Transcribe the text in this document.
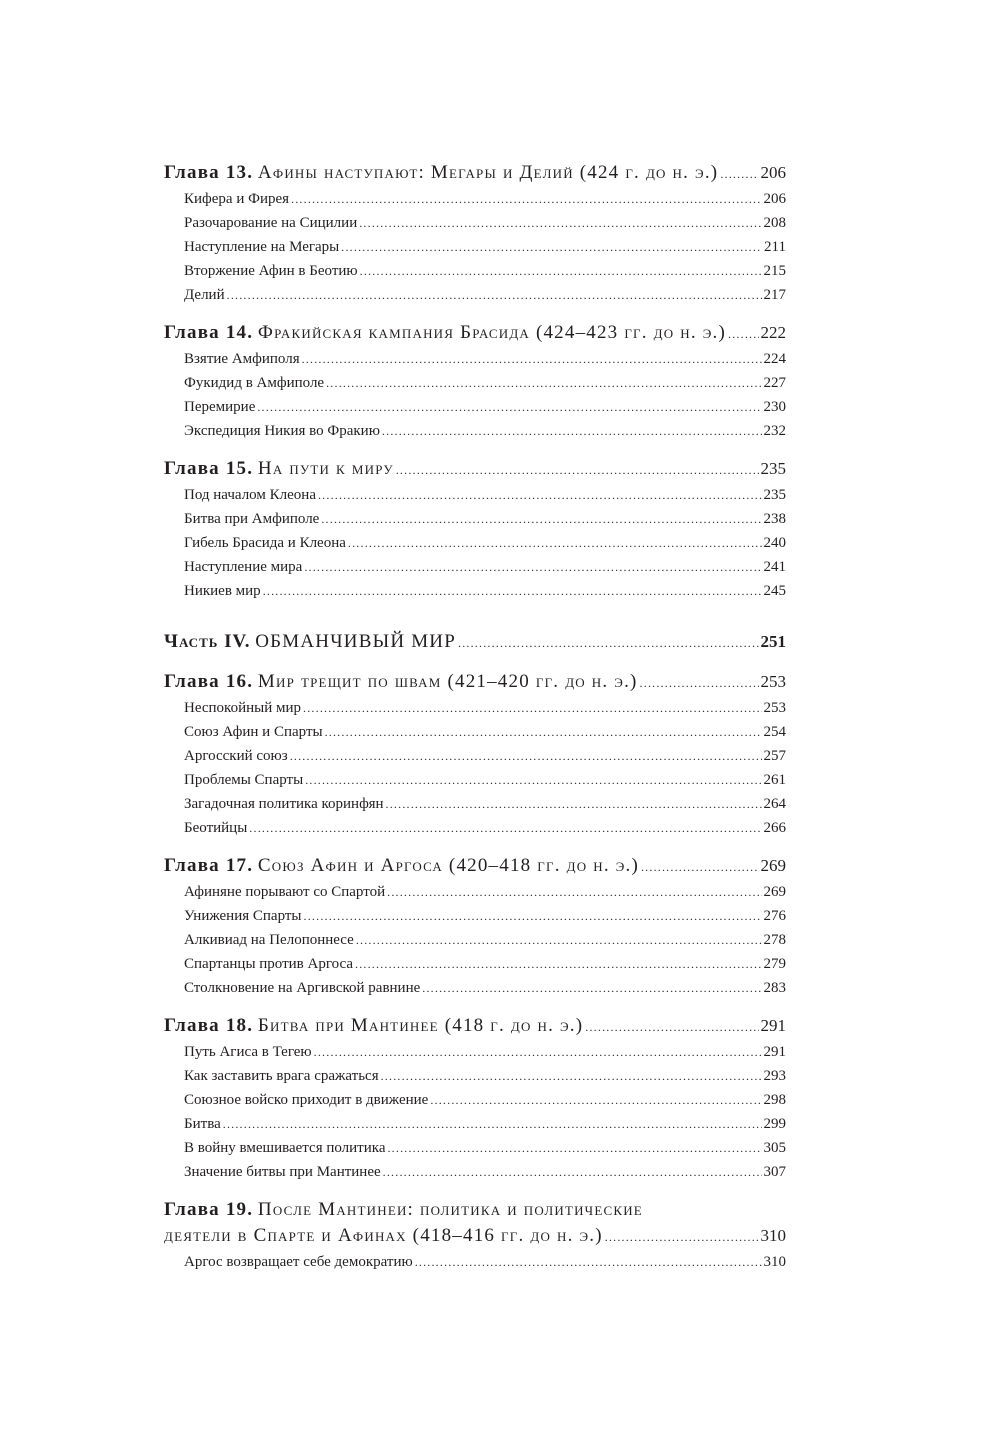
Глава 13. Афины наступают: Мегары и Делий (424 г. до н. э.) ..... 206
Кифера и Фирея .....	206
Разочарование на Сицилии .....	208
Наступление на Мегары .....	211
Вторжение Афин в Беотию .....	215
Делий .....	217
Глава 14. Фракийская кампания Брасида (424–423 гг. до н. э.) ..... 222
Взятие Амфиполя .....	224
Фукидид в Амфиполе .....	227
Перемирие .....	230
Экспедиция Никия во Фракию .....	232
Глава 15. На пути к миру .....	235
Под началом Клеона .....	235
Битва при Амфиполе .....	238
Гибель Брасида и Клеона .....	240
Наступление мира .....	241
Никиев мир .....	245
Часть IV. ОБМАНЧИВЫЙ МИР .....	251
Глава 16. Мир трещит по швам (421–420 гг. до н. э.) .....	253
Неспокойный мир .....	253
Союз Афин и Спарты .....	254
Аргосский союз .....	257
Проблемы Спарты .....	261
Загадочная политика коринфян .....	264
Беотийцы .....	266
Глава 17. Союз Афин и Аргоса (420–418 гг. до н. э.) .....	269
Афиняне порывают со Спартой .....	269
Унижения Спарты .....	276
Алкивиад на Пелопоннесе .....	278
Спартанцы против Аргоса .....	279
Столкновение на Аргивской равнине .....	283
Глава 18. Битва при Мантинее (418 г. до н. э.) .....	291
Путь Агиса в Тегею .....	291
Как заставить врага сражаться .....	293
Союзное войско приходит в движение .....	298
Битва .....	299
В войну вмешивается политика .....	305
Значение битвы при Мантинее .....	307
Глава 19. После Мантинеи: политика и политические
деятели в Спарте и Афинах (418–416 гг. до н. э.) .....	310
Аргос возвращает себе демократию .....	310
